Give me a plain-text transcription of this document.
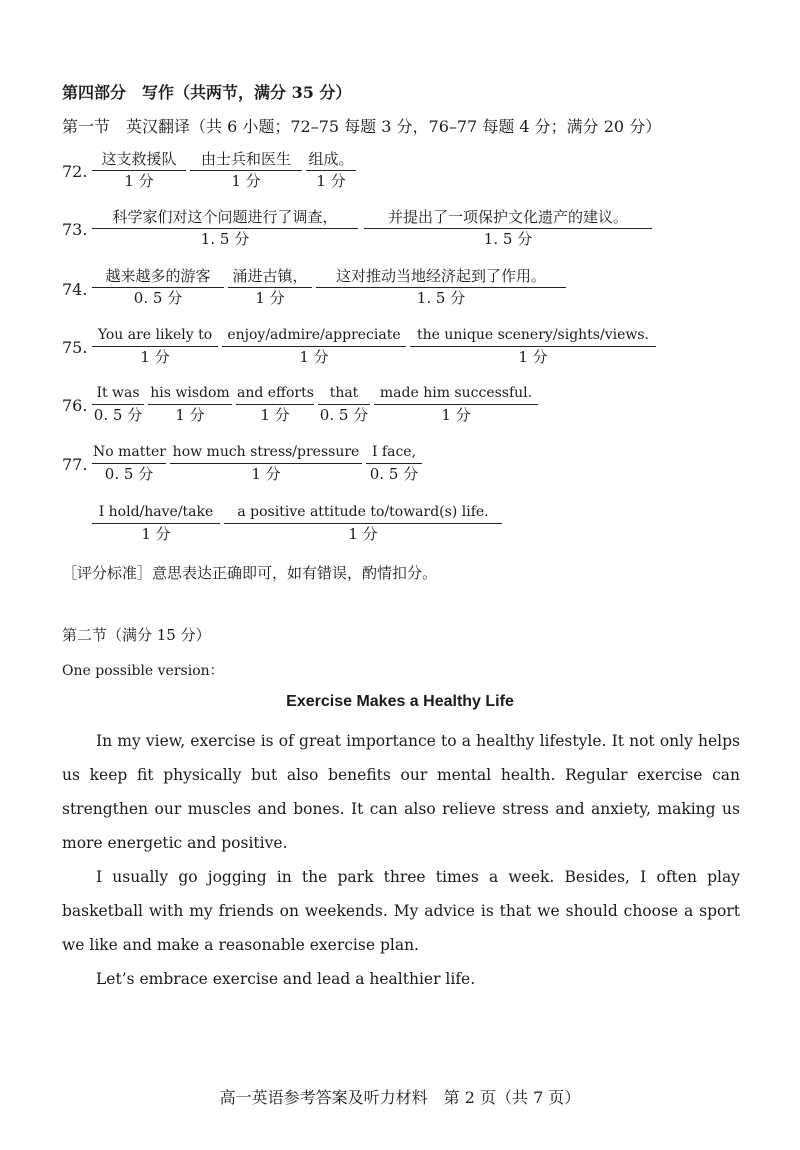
第四部分　写作（共两节，满分 35 分）
第一节　英汉翻译（共 6 小题；72–75 每题 3 分，76–77 每题 4 分；满分 20 分）
72.
这支救援队
1 分
由士兵和医生
1 分
组成。
1 分
73.
科学家们对这个问题进行了调查，
1. 5 分
并提出了一项保护文化遗产的建议。
1. 5 分
74.
越来越多的游客
0. 5 分
涌进古镇，
1 分
这对推动当地经济起到了作用。
1. 5 分
75.
You are likely to
1 分
enjoy/admire/appreciate
1 分
the unique scenery/sights/views.
1 分
76.
It was
0. 5 分
his wisdom
1 分
and efforts
1 分
that
0. 5 分
made him successful.
1 分
77.
No matter
0. 5 分
how much stress/pressure
1 分
I face,
0. 5 分
I hold/have/take
1 分
a positive attitude to/toward(s) life.
1 分
［评分标准］意思表达正确即可，如有错误，酌情扣分。
第二节（满分 15 分）
One possible version：
Exercise Makes a Healthy Life

In my view, exercise is of great importance to a healthy lifestyle. It not only helps us keep fit physically but also benefits our mental health. Regular exercise can strengthen our muscles and bones. It can also relieve stress and anxiety, making us more energetic and positive.

I usually go jogging in the park three times a week. Besides, I often play basketball with my friends on weekends. My advice is that we should choose a sport we like and make a reasonable exercise plan.

Let’s embrace exercise and lead a healthier life.

高一英语参考答案及听力材料　第 2 页（共 7 页）
